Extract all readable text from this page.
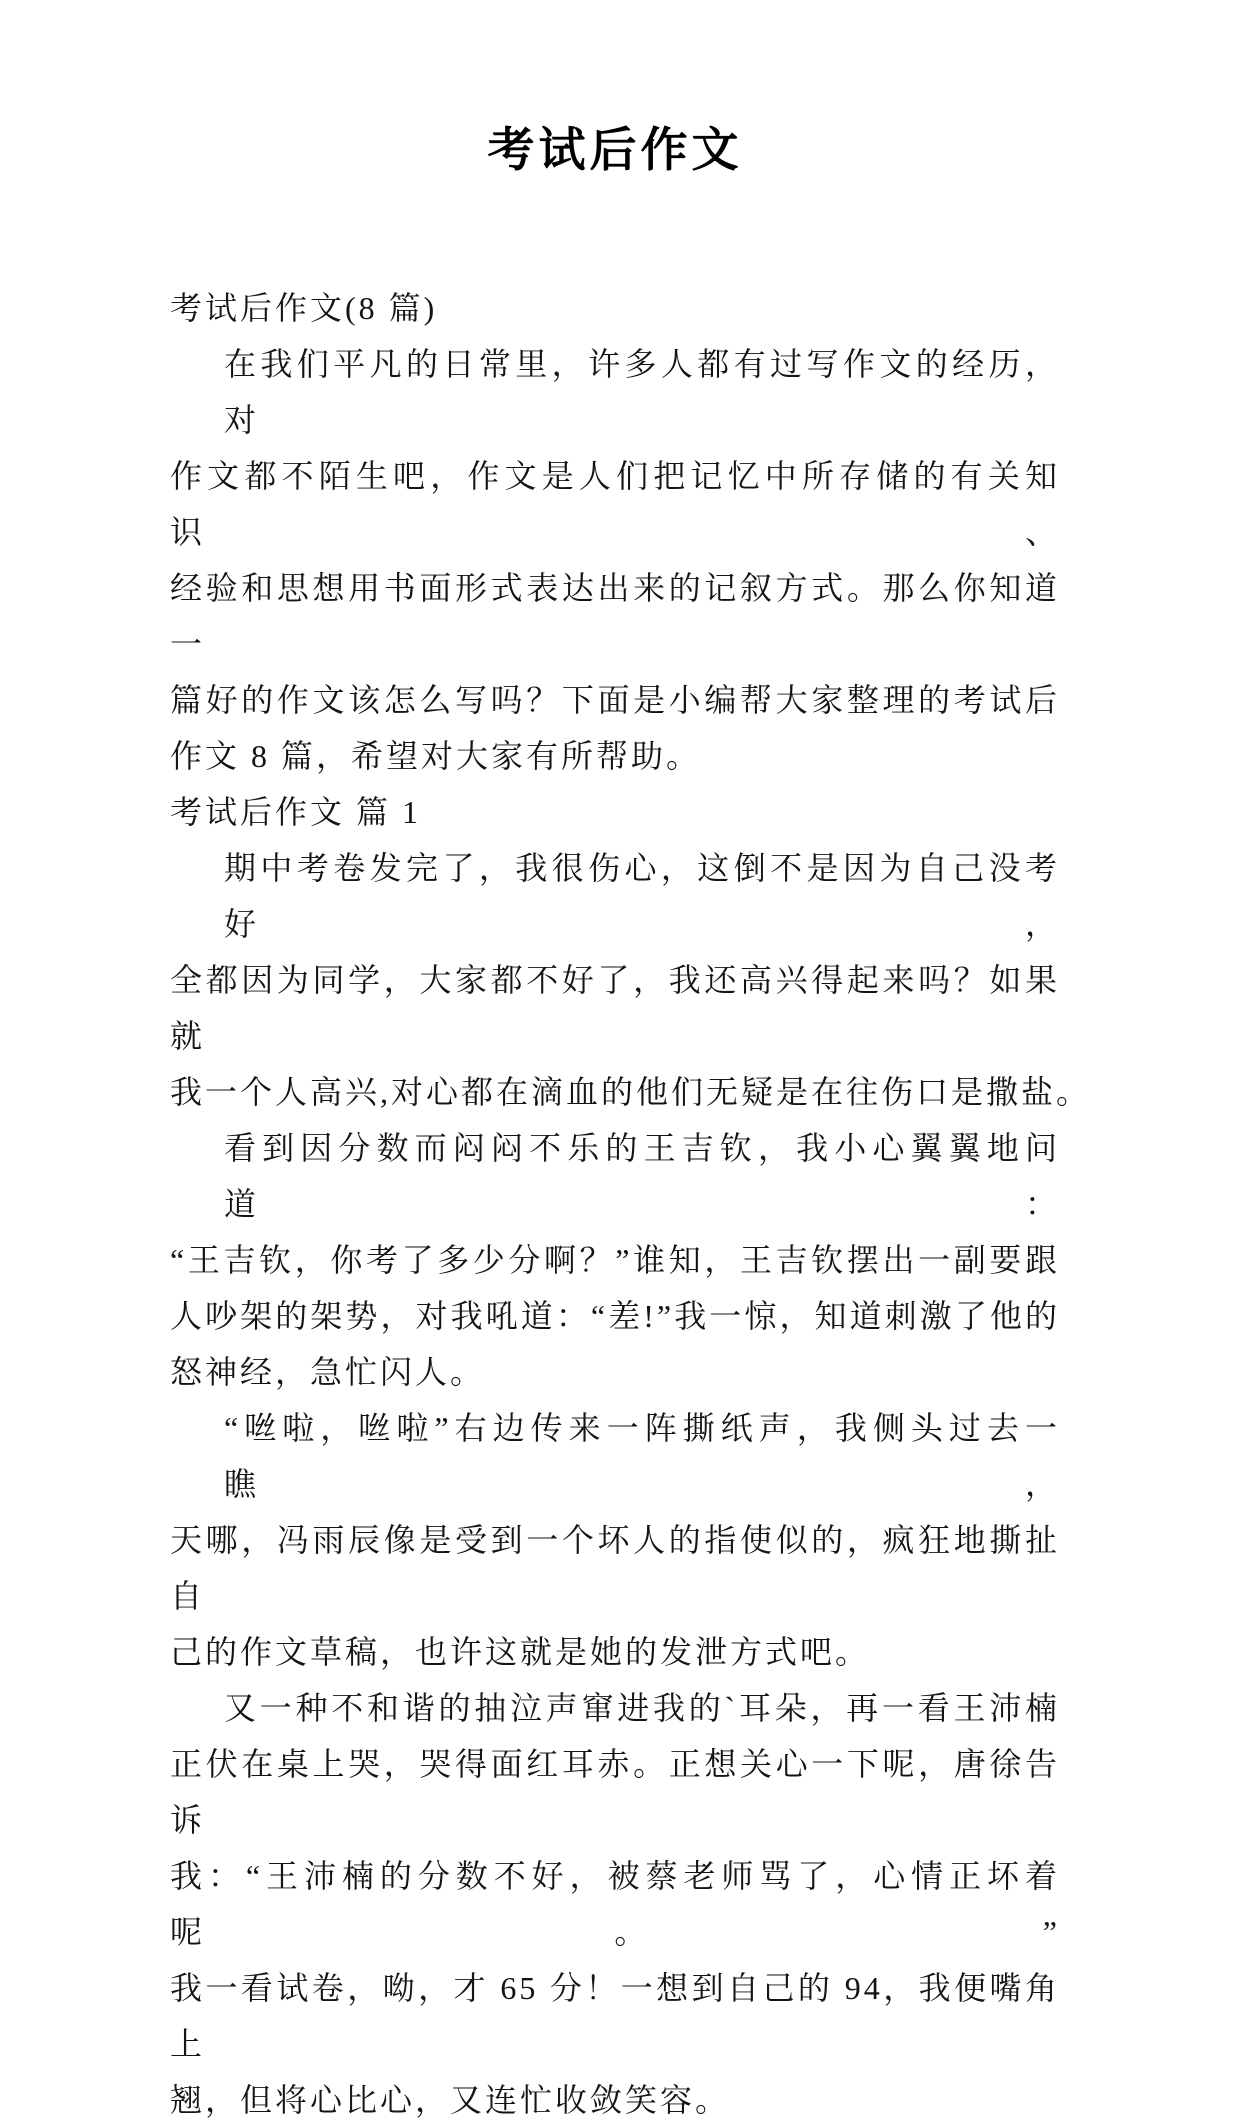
考试后作文
考试后作文(8 篇)
在我们平凡的日常里，许多人都有过写作文的经历，对
作文都不陌生吧，作文是人们把记忆中所存储的有关知识、
经验和思想用书面形式表达出来的记叙方式。那么你知道一
篇好的作文该怎么写吗？下面是小编帮大家整理的考试后
作文 8 篇，希望对大家有所帮助。
考试后作文 篇 1
期中考卷发完了，我很伤心，这倒不是因为自己没考好，
全都因为同学，大家都不好了，我还高兴得起来吗？如果就
我一个人高兴,对心都在滴血的他们无疑是在往伤口是撒盐。
看到因分数而闷闷不乐的王吉钦，我小心翼翼地问道：
“王吉钦，你考了多少分啊？”谁知，王吉钦摆出一副要跟
人吵架的架势，对我吼道：“差!”我一惊，知道刺激了他的
怒神经，急忙闪人。
“咝啦，咝啦”右边传来一阵撕纸声，我侧头过去一瞧，
天哪，冯雨辰像是受到一个坏人的指使似的，疯狂地撕扯自
己的作文草稿，也许这就是她的发泄方式吧。
又一种不和谐的抽泣声窜进我的`耳朵，再一看王沛楠
正伏在桌上哭，哭得面红耳赤。正想关心一下呢，唐徐告诉
我：“王沛楠的分数不好，被蔡老师骂了，心情正坏着呢。”
我一看试卷，呦，才 65 分！一想到自己的 94，我便嘴角上
翘，但将心比心，又连忙收敛笑容。
